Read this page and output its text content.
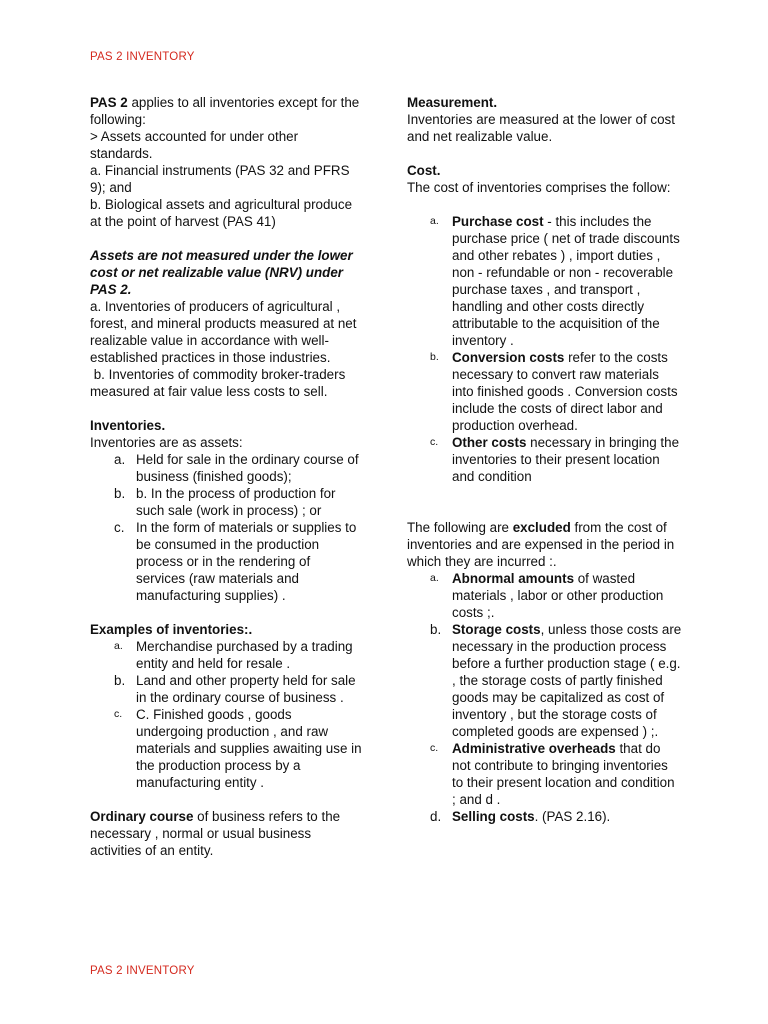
PAS 2 INVENTORY

PAS 2 applies to all inventories except for the following:

> Assets accounted for under other standards.

a. Financial instruments (PAS 32 and PFRS 9); and

b. Biological assets and agricultural produce at the point of harvest (PAS 41)

Assets are not measured under the lower cost or net realizable value (NRV) under PAS 2.

a. Inventories of producers of agricultural , forest, and mineral products measured at net realizable value in accordance with well-established practices in those industries.

b. Inventories of commodity broker-traders measured at fair value less costs to sell.

Inventories.

Inventories are as assets:

a. Held for sale in the ordinary course of business (finished goods);
b. b. In the process of production for such sale (work in process) ; or
c. In the form of materials or supplies to be consumed in the production process or in the rendering of services (raw materials and manufacturing supplies) .

Examples of inventories:.

a. Merchandise purchased by a trading entity and held for resale .
b. Land and other property held for sale in the ordinary course of business .
c. C. Finished goods , goods undergoing production , and raw materials and supplies awaiting use in the production process by a manufacturing entity .

Ordinary course of business refers to the necessary , normal or usual business activities of an entity.

Measurement.

Inventories are measured at the lower of cost and net realizable value.

Cost.

The cost of inventories comprises the follow:

a. Purchase cost - this includes the purchase price ( net of trade discounts and other rebates ) , import duties , non - refundable or non - recoverable purchase taxes , and transport , handling and other costs directly attributable to the acquisition of the inventory .
b. Conversion costs refer to the costs necessary to convert raw materials into finished goods . Conversion costs include the costs of direct labor and production overhead.
c. Other costs necessary in bringing the inventories to their present location and condition

The following are excluded from the cost of inventories and are expensed in the period in which they are incurred :.

a. Abnormal amounts of wasted materials , labor or other production costs ;.
b. Storage costs, unless those costs are necessary in the production process before a further production stage ( e.g. , the storage costs of partly finished goods may be capitalized as cost of inventory , but the storage costs of completed goods are expensed ) ;.
c. Administrative overheads that do not contribute to bringing inventories to their present location and condition ; and d .
d. Selling costs. (PAS 2.16).
PAS 2 INVENTORY
